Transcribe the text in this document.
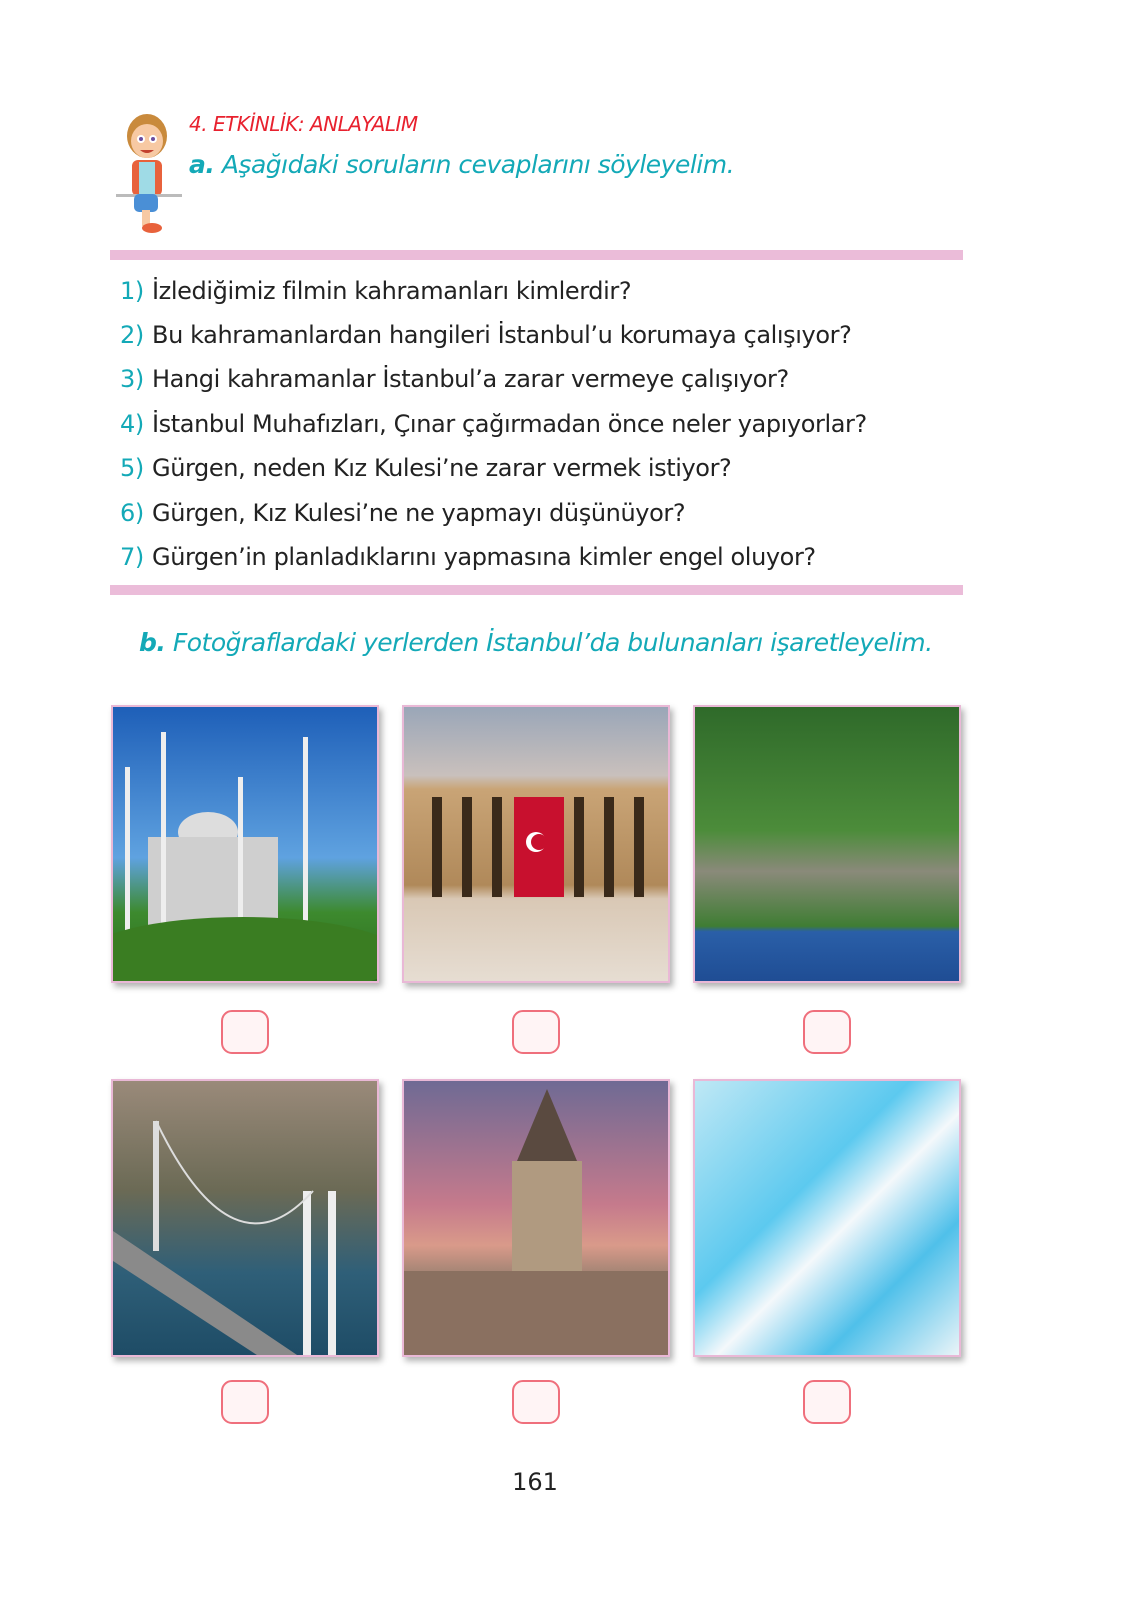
4. ETKİNLİK: ANLAYALIM
a. Aşağıdaki soruların cevaplarını söyleyelim.
1) İzlediğimiz filmin kahramanları kimlerdir?
2) Bu kahramanlardan hangileri İstanbul’u korumaya çalışıyor?
3) Hangi kahramanlar İstanbul’a zarar vermeye çalışıyor?
4) İstanbul Muhafızları, Çınar çağırmadan önce neler yapıyorlar?
5) Gürgen, neden Kız Kulesi’ne zarar vermek istiyor?
6) Gürgen, Kız Kulesi’ne ne yapmayı düşünüyor?
7) Gürgen’in planladıklarını yapmasına kimler engel oluyor?
b. Fotoğraflardaki yerlerden İstanbul’da bulunanları işaretleyelim.
161
